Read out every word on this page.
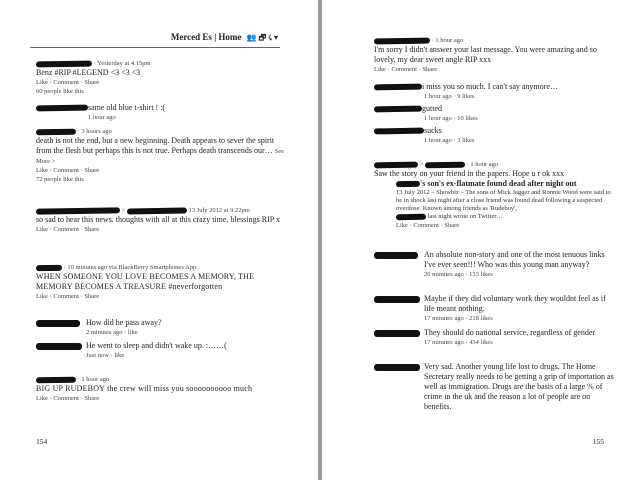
Merced Es | Home 👥 🗗 ☇ ▾
· Yesterday at 4.15pm
Benz #RIP #LEGEND <3 <3 <3
Like · Comment · Share
60 people like this
same old blue t-shirt ! :(
1 hour ago
· 3 hours ago
death is not the end, but a new beginning. Death appears to sever the spirit from the flesh but perhaps this is not true. Perhaps death transcends our… See More >
Like · Comment · Share
72 people like this
>	13 July 2012 at 9.22pm
so sad to hear this news. thoughts with all at this crazy time. blessings RIP x
Like · Comment · Share
· 10 minutes ago via BlackBerry Smartphones App
WHEN SOMEONE YOU LOVE BECOMES A MEMORY, THE MEMORY BECOMES A TREASURE #neverforgotten
Like · Comment · Share
How did he pass away?
2 minutes ago · like
He went to sleep and didn't wake up. :……(
Just now · like
· 1 hour ago
BIG UP RUDEBOY the crew will miss you soooooooooo much
Like · Comment · Share
154
· 1 hour ago
I'm sorry I didn't answer your last message. You were amazing and so lovely. my dear sweet angle RIP xxx
Like · Comment · Share
i miss you so much. I can't say anymore…
1 hour ago · 9 likes
gutted
1 hour ago · 10 likes
sucks
1 hour ago · 3 likes
>	· 1 hour ago
Saw the story on your friend in the papers. Hope u r ok xxx
's son's ex-flatmate found dead after night out
13 July 2012 – Showbiz – The sons of Mick Jagger and Ronnie Wood were said to be in shock last night after a close friend was found dead following a suspected overdose. Known among friends as 'Rudeboy',
last night wrote on Twitter…
Like · Comment · Share
An absolute non-story and one of the most tenuous links I've ever seen!!! Who was this young man anyway?
20 minutes ago · 133 likes
Maybe if they did voluntary work they wouldnt feel as if life meant nothing.
17 minutes ago · 218 likes
They should do national service, regardless of gender
17 minutes ago · 434 likes
Very sad. Another young life lost to drugs. The Home Secretary really needs to be getting a grip of importation as well as immigration. Drugs are the basis of a large % of crime in the uk and the reason a lot of people are on benefits.
155
